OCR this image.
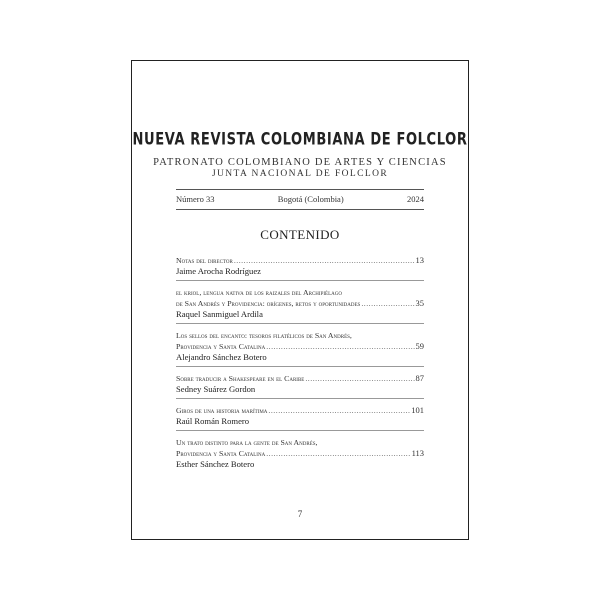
NUEVA REVISTA COLOMBIANA DE FOLCLOR
PATRONATO COLOMBIANO DE ARTES Y CIENCIAS
JUNTA NACIONAL DE FOLCLOR
Número 33	Bogotá (Colombia)	2024
CONTENIDO
Notas del director .....	13
Jaime Arocha Rodríguez
el kriol, lengua nativa de los raizales del Archipiélago
de San Andrés y Providencia: orígenes, retos y oportunidades .....	35
Raquel Sanmiguel Ardila
Los sellos del encanto: tesoros filatélicos de San Andrés,
Providencia y Santa Catalina .....	59
Alejandro Sánchez Botero
Sobre traducir a Shakespeare en el Caribe .....	87
Sedney Suárez Gordon
Giros de una historia marítima .....	101
Raúl Román Romero
Un trato distinto para la gente de San Andrés,
Providencia y Santa Catalina .....	113
Esther Sánchez Botero
7
